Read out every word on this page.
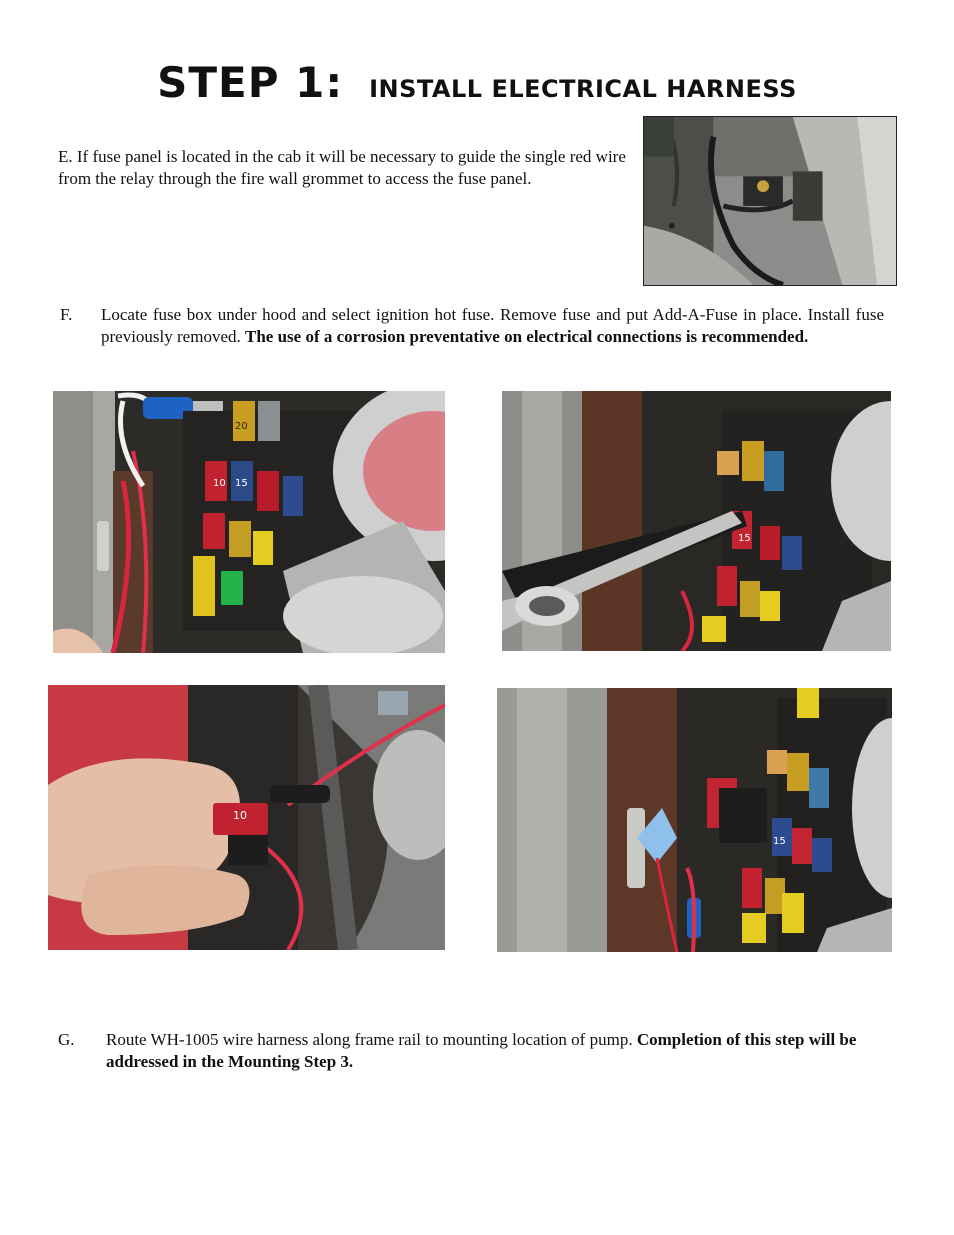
STEP 1: INSTALL ELECTRICAL HARNESS
E. If fuse panel is located in the cab it will be necessary to guide the single red wire from the relay through the fire wall grommet to access the fuse panel.
F. Locate fuse box under hood and select ignition hot fuse. Remove fuse and put Add-A-Fuse in place. Install fuse previously removed. The use of a corrosion preventative on electrical connections is recommended.
20
10 15
15
10
15
G. Route WH-1005 wire harness along frame rail to mounting location of pump. Completion of this step will be addressed in the Mounting Step 3.
